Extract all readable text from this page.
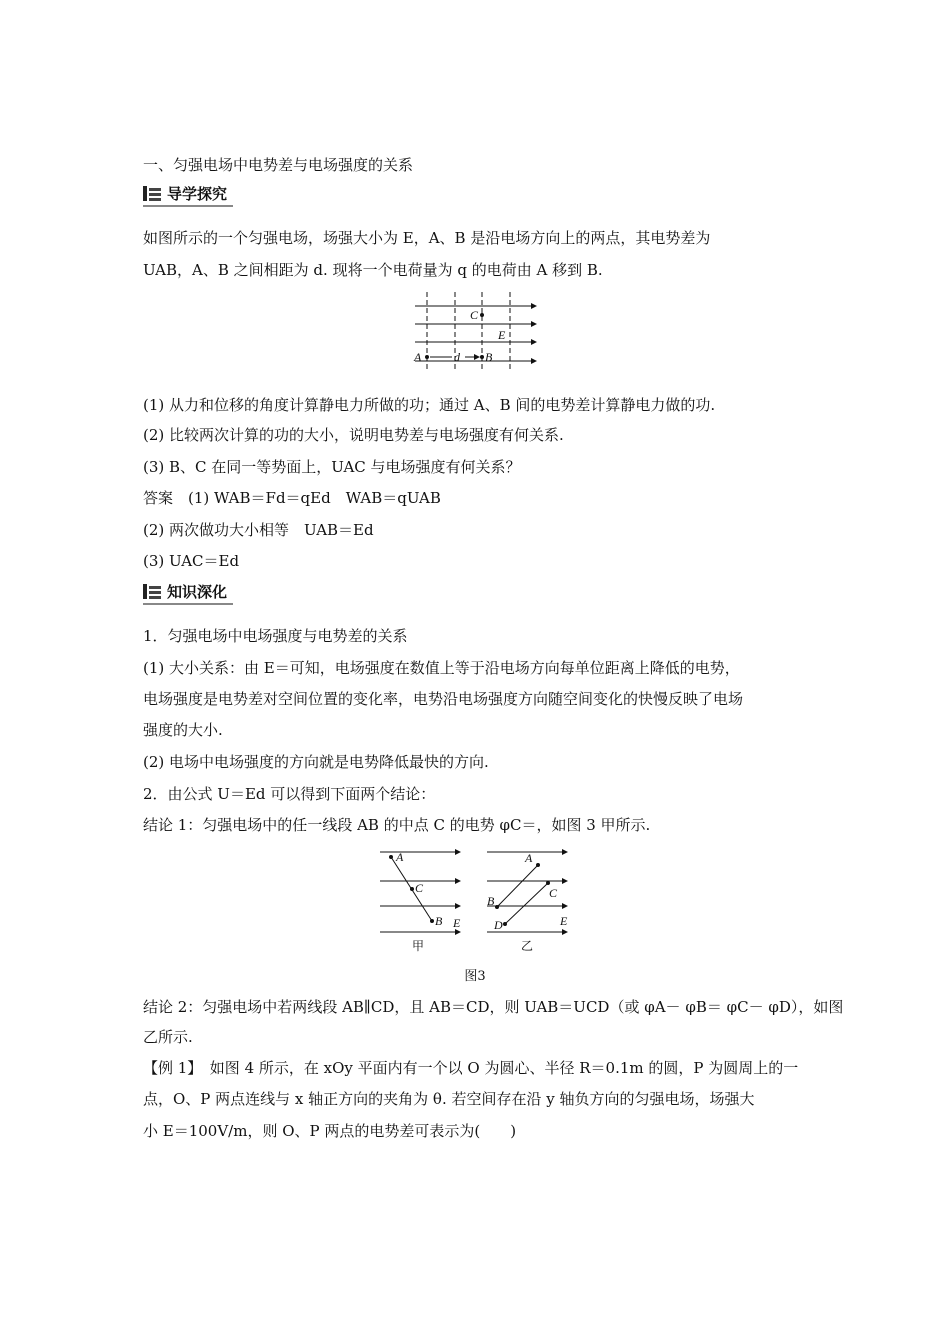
一、匀强电场中电势差与电场强度的关系
导学探究
如图所示的一个匀强电场，场强大小为 E，A、B 是沿电场方向上的两点，其电势差为
UAB，A、B 之间相距为 d. 现将一个电荷量为 q 的电荷由 A 移到 B.
C
E
A	d B
(1) 从力和位移的角度计算静电力所做的功；通过 A、B 间的电势差计算静电力做的功.
(2) 比较两次计算的功的大小，说明电势差与电场强度有何关系.
(3) B、C 在同一等势面上，UAC 与电场强度有何关系？
答案　(1) WAB＝Fd＝qEd　WAB＝qUAB
(2) 两次做功大小相等　UAB＝Ed
(3) UAC＝Ed
知识深化
1．匀强电场中电场强度与电势差的关系
(1) 大小关系：由 E＝可知，电场强度在数值上等于沿电场方向每单位距离上降低的电势，
电场强度是电势差对空间位置的变化率，电势沿电场强度方向随空间变化的快慢反映了电场
强度的大小.
(2) 电场中电场强度的方向就是电势降低最快的方向.
2．由公式 U＝Ed 可以得到下面两个结论：
结论 1：匀强电场中的任一线段 AB 的中点 C 的电势 φC＝，如图 3 甲所示.
A
C
B E
A
B
C
D	E
甲	乙
图3
结论 2：匀强电场中若两线段 AB∥CD，且 AB＝CD，则 UAB＝UCD（或 φA－ φB＝ φC－ φD），如图
乙所示.
【例 1】　如图 4 所示，在 xOy 平面内有一个以 O 为圆心、半径 R＝0.1m 的圆，P 为圆周上的一
点，O、P 两点连线与 x 轴正方向的夹角为 θ. 若空间存在沿 y 轴负方向的匀强电场，场强大
小 E＝100V/m，则 O、P 两点的电势差可表示为(　　)
